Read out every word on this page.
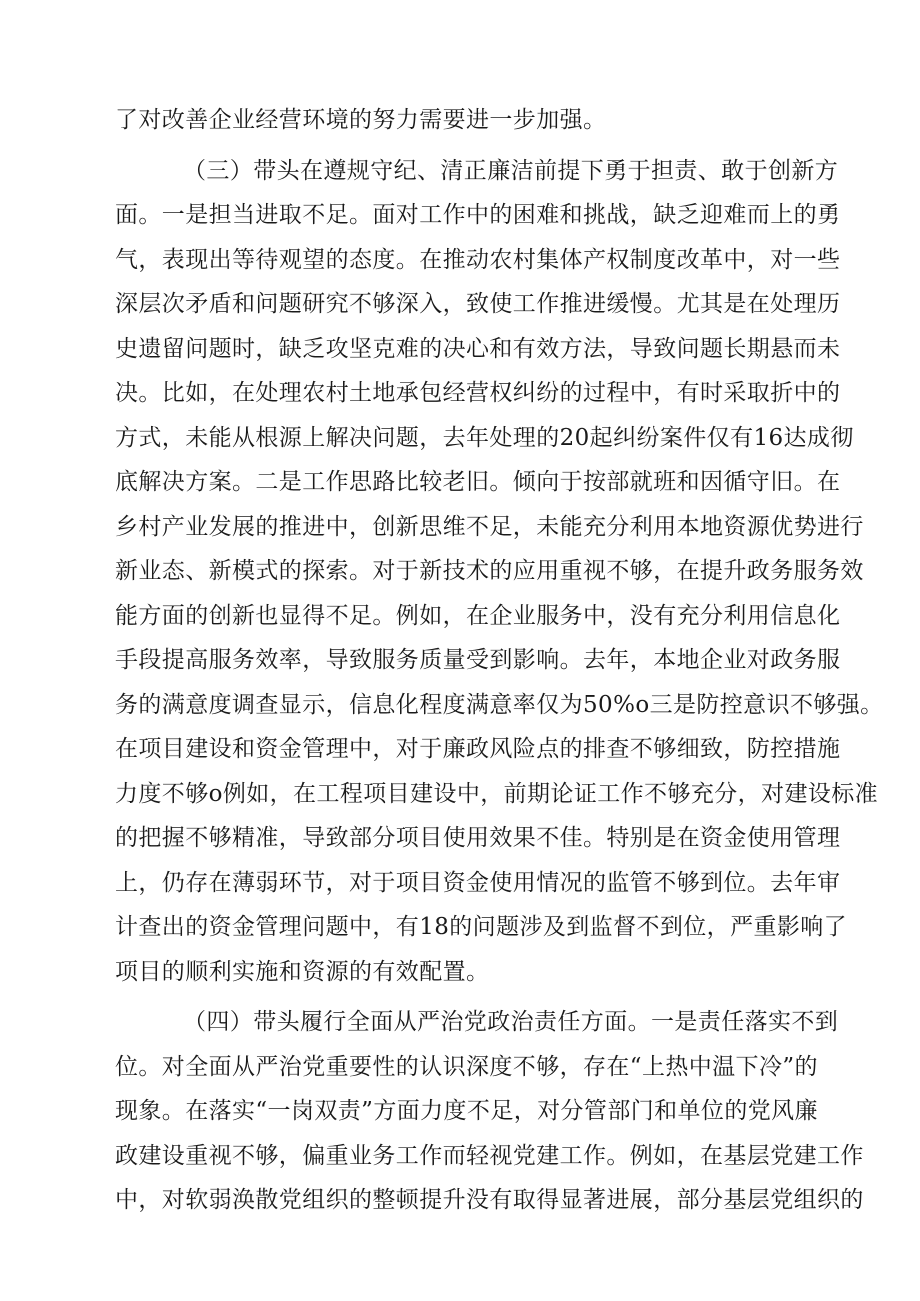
了对改善企业经营环境的努力需要进一步加强。
（三）带头在遵规守纪、清正廉洁前提下勇于担责、敢于创新方
面。一是担当进取不足。面对工作中的困难和挑战，缺乏迎难而上的勇
气，表现出等待观望的态度。在推动农村集体产权制度改革中，对一些
深层次矛盾和问题研究不够深入，致使工作推进缓慢。尤其是在处理历
史遗留问题时，缺乏攻坚克难的决心和有效方法，导致问题长期悬而未
决。比如，在处理农村土地承包经营权纠纷的过程中，有时采取折中的
方式，未能从根源上解决问题，去年处理的20起纠纷案件仅有16达成彻
底解决方案。二是工作思路比较老旧。倾向于按部就班和因循守旧。在
乡村产业发展的推进中，创新思维不足，未能充分利用本地资源优势进行
新业态、新模式的探索。对于新技术的应用重视不够，在提升政务服务效
能方面的创新也显得不足。例如，在企业服务中，没有充分利用信息化
手段提高服务效率，导致服务质量受到影响。去年，本地企业对政务服
务的满意度调查显示，信息化程度满意率仅为50%o三是防控意识不够强。
在项目建设和资金管理中，对于廉政风险点的排查不够细致，防控措施
力度不够o例如，在工程项目建设中，前期论证工作不够充分，对建设标准
的把握不够精准，导致部分项目使用效果不佳。特别是在资金使用管理
上，仍存在薄弱环节，对于项目资金使用情况的监管不够到位。去年审
计查出的资金管理问题中，有18的问题涉及到监督不到位，严重影响了
项目的顺利实施和资源的有效配置。
（四）带头履行全面从严治党政治责任方面。一是责任落实不到
位。对全面从严治党重要性的认识深度不够，存在“上热中温下冷”的
现象。在落实“一岗双责”方面力度不足，对分管部门和单位的党风廉
政建设重视不够，偏重业务工作而轻视党建工作。例如，在基层党建工作
中，对软弱涣散党组织的整顿提升没有取得显著进展，部分基层党组织的
